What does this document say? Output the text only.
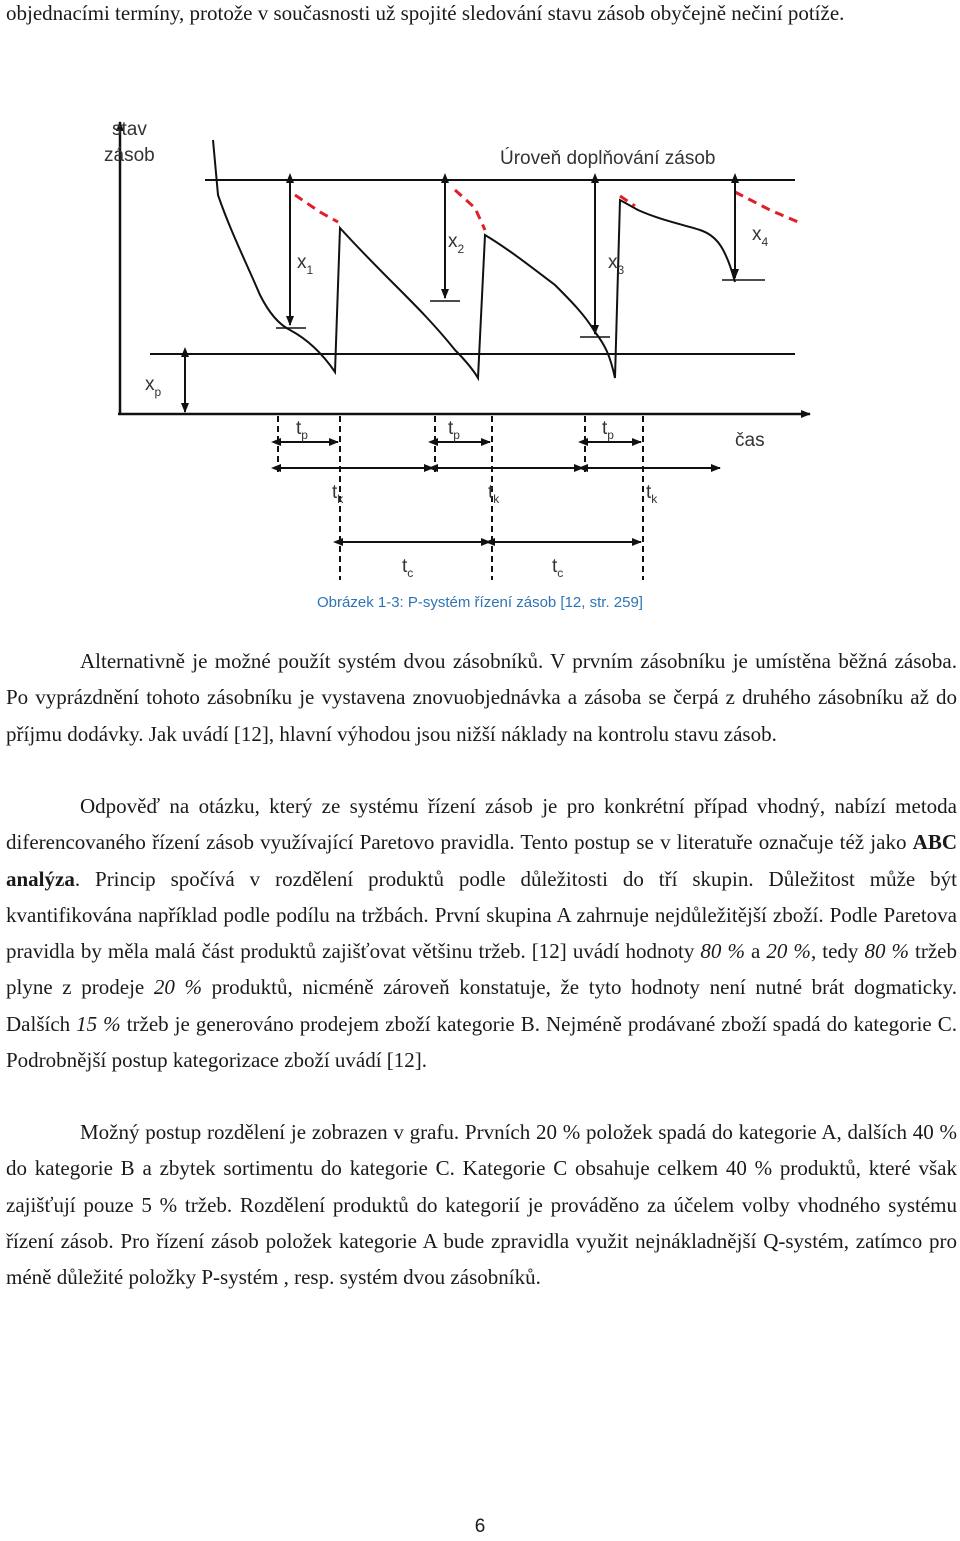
objednacími termíny, protože v současnosti už spojité sledování stavu zásob obyčejně nečiní potíže.

stav
zásob
čas
Úroveň doplňování zásob
$x_p$
$x_1$
$x_2$
$x_3$
$x_4$
$t_p$	$t_p$	$t_p$
$t_k$	$t_k$	$t_k$
$t_c$	$t_c$
Obrázek 1-3: P-systém řízení zásob [12, str. 259]

Alternativně je možné použít systém dvou zásobníků. V prvním zásobníku je umístěna běžná zásoba. Po vyprázdnění tohoto zásobníku je vystavena znovuobjednávka a zásoba se čerpá z druhého zásobníku až do příjmu dodávky. Jak uvádí [12], hlavní výhodou jsou nižší náklady na kontrolu stavu zásob.

Odpověď na otázku, který ze systému řízení zásob je pro konkrétní případ vhodný, nabízí metoda diferencovaného řízení zásob využívající Paretovo pravidla. Tento postup se v literatuře označuje též jako ABC analýza. Princip spočívá v rozdělení produktů podle důležitosti do tří skupin. Důležitost může být kvantifikována například podle podílu na tržbách. První skupina A zahrnuje nejdůležitější zboží. Podle Paretova pravidla by měla malá část produktů zajišťovat většinu tržeb. [12] uvádí hodnoty 80 % a 20 %, tedy 80 % tržeb plyne z prodeje 20 % produktů, nicméně zároveň konstatuje, že tyto hodnoty není nutné brát dogmaticky. Dalších 15 % tržeb je generováno prodejem zboží kategorie B. Nejméně prodávané zboží spadá do kategorie C. Podrobnější postup kategorizace zboží uvádí [12].

Možný postup rozdělení je zobrazen v grafu. Prvních 20 % položek spadá do kategorie A, dalších 40 % do kategorie B a zbytek sortimentu do kategorie C. Kategorie C obsahuje celkem 40 % produktů, které však zajišťují pouze 5 % tržeb. Rozdělení produktů do kategorií je prováděno za účelem volby vhodného systému řízení zásob. Pro řízení zásob položek kategorie A bude zpravidla využit nejnákladnější Q-systém, zatímco pro méně důležité položky P-systém , resp. systém dvou zásobníků.

6
